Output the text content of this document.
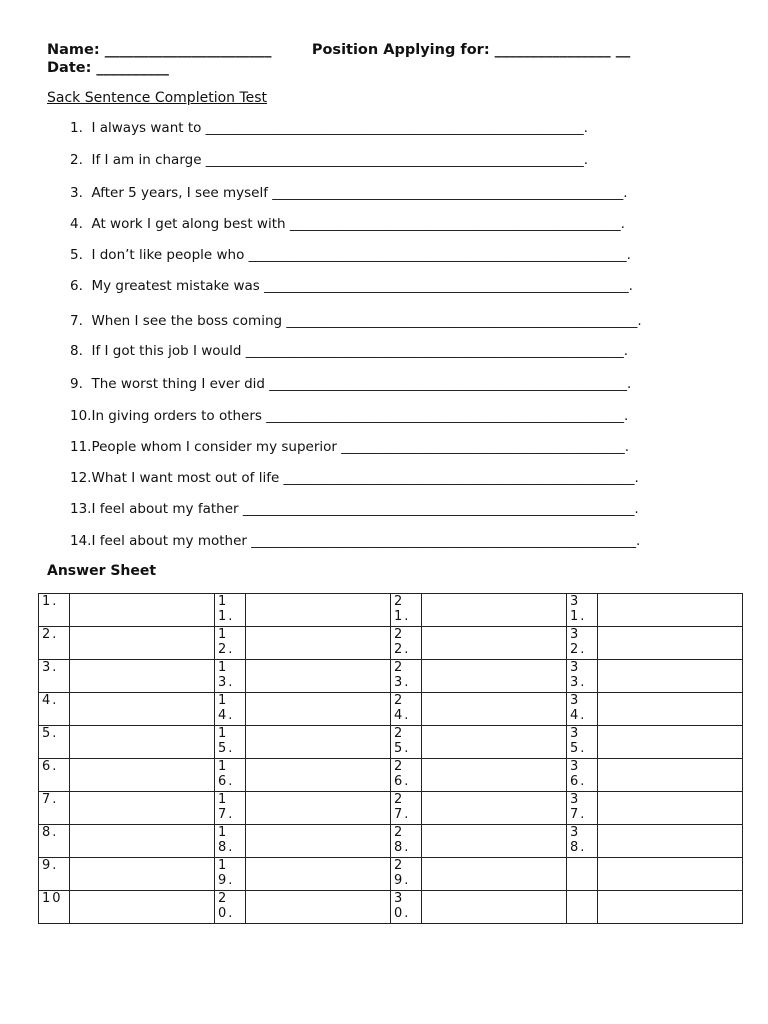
Name: _______________________        Position Applying for: ________________ __
Date: __________
Sack Sentence Completion Test
1.  I always want to ________________________________________________________.
2.  If I am in charge ________________________________________________________.
3.  After 5 years, I see myself ____________________________________________________.
4.  At work I get along best with _________________________________________________.
5.  I don’t like people who ________________________________________________________.
6.  My greatest mistake was ______________________________________________________.
7.  When I see the boss coming ____________________________________________________.
8.  If I got this job I would ________________________________________________________.
9.  The worst thing I ever did _____________________________________________________.
10.In giving orders to others _____________________________________________________.
11.People whom I consider my superior __________________________________________.
12.What I want most out of life ____________________________________________________.
13.I feel about my father __________________________________________________________.
14.I feel about my mother _________________________________________________________.
Answer Sheet
1.		11.		21.		31.	
2.		12.		22.		32.	
3.		13.		23.		33.	
4.		14.		24.		34.	
5.		15.		25.		35.	
6.		16.		26.		36.	
7.		17.		27.		37.	
8.		18.		28.		38.	
9.		19.		29.			
10		20.		30.			
